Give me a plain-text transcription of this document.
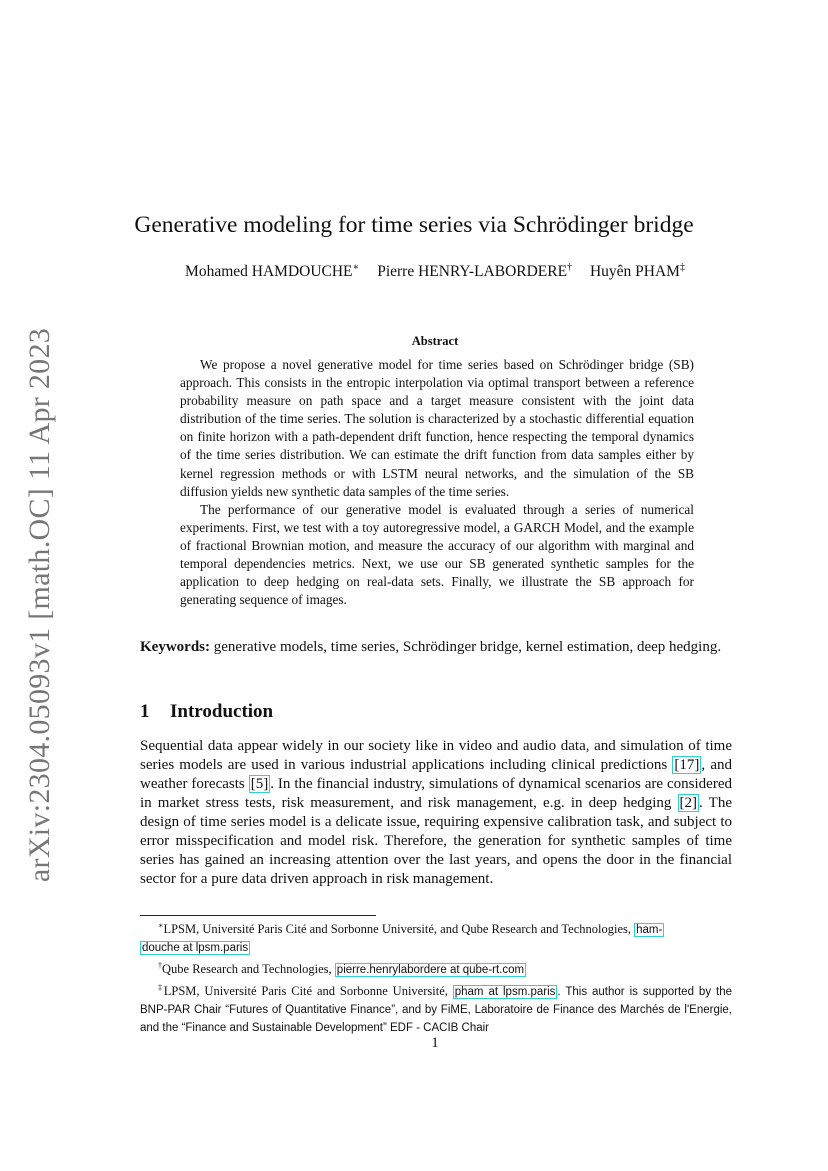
arXiv:2304.05093v1 [math.OC] 11 Apr 2023
Generative modeling for time series via Schrödinger bridge
Mohamed HAMDOUCHE∗ Pierre HENRY-LABORDERE† Huyên PHAM‡
Abstract

We propose a novel generative model for time series based on Schrödinger bridge (SB) approach. This consists in the entropic interpolation via optimal transport between a reference probability measure on path space and a target measure consistent with the joint data distribution of the time series. The solution is characterized by a stochastic differential equation on finite horizon with a path-dependent drift function, hence respecting the temporal dynamics of the time series distribution. We can estimate the drift function from data samples either by kernel regression methods or with LSTM neural networks, and the simulation of the SB diffusion yields new synthetic data samples of the time series.

The performance of our generative model is evaluated through a series of numerical experiments. First, we test with a toy autoregressive model, a GARCH Model, and the example of fractional Brownian motion, and measure the accuracy of our algorithm with marginal and temporal dependencies metrics. Next, we use our SB generated synthetic samples for the application to deep hedging on real-data sets. Finally, we illustrate the SB approach for generating sequence of images.

Keywords: generative models, time series, Schrödinger bridge, kernel estimation, deep hedging.
1 Introduction

Sequential data appear widely in our society like in video and audio data, and simulation of time series models are used in various industrial applications including clinical predictions [17] , and weather forecasts [5] . In the financial industry, simulations of dynamical scenarios are considered in market stress tests, risk measurement, and risk management, e.g. in deep hedging [2] . The design of time series model is a delicate issue, requiring expensive calibration task, and subject to error misspecification and model risk. Therefore, the generation for synthetic samples of time series has gained an increasing attention over the last years, and opens the door in the financial sector for a pure data driven approach in risk management.

∗LPSM, Université Paris Cité and Sorbonne Université, and Qube Research and Technologies, ham-

douche at lpsm.paris

†Qube Research and Technologies, pierre.henrylabordere at qube-rt.com

‡LPSM, Université Paris Cité and Sorbonne Université, pham at lpsm.paris . This author is supported by the BNP-PAR Chair “Futures of Quantitative Finance”, and by FiME, Laboratoire de Finance des Marchés de l'Energie, and the “Finance and Sustainable Development” EDF - CACIB Chair

1
